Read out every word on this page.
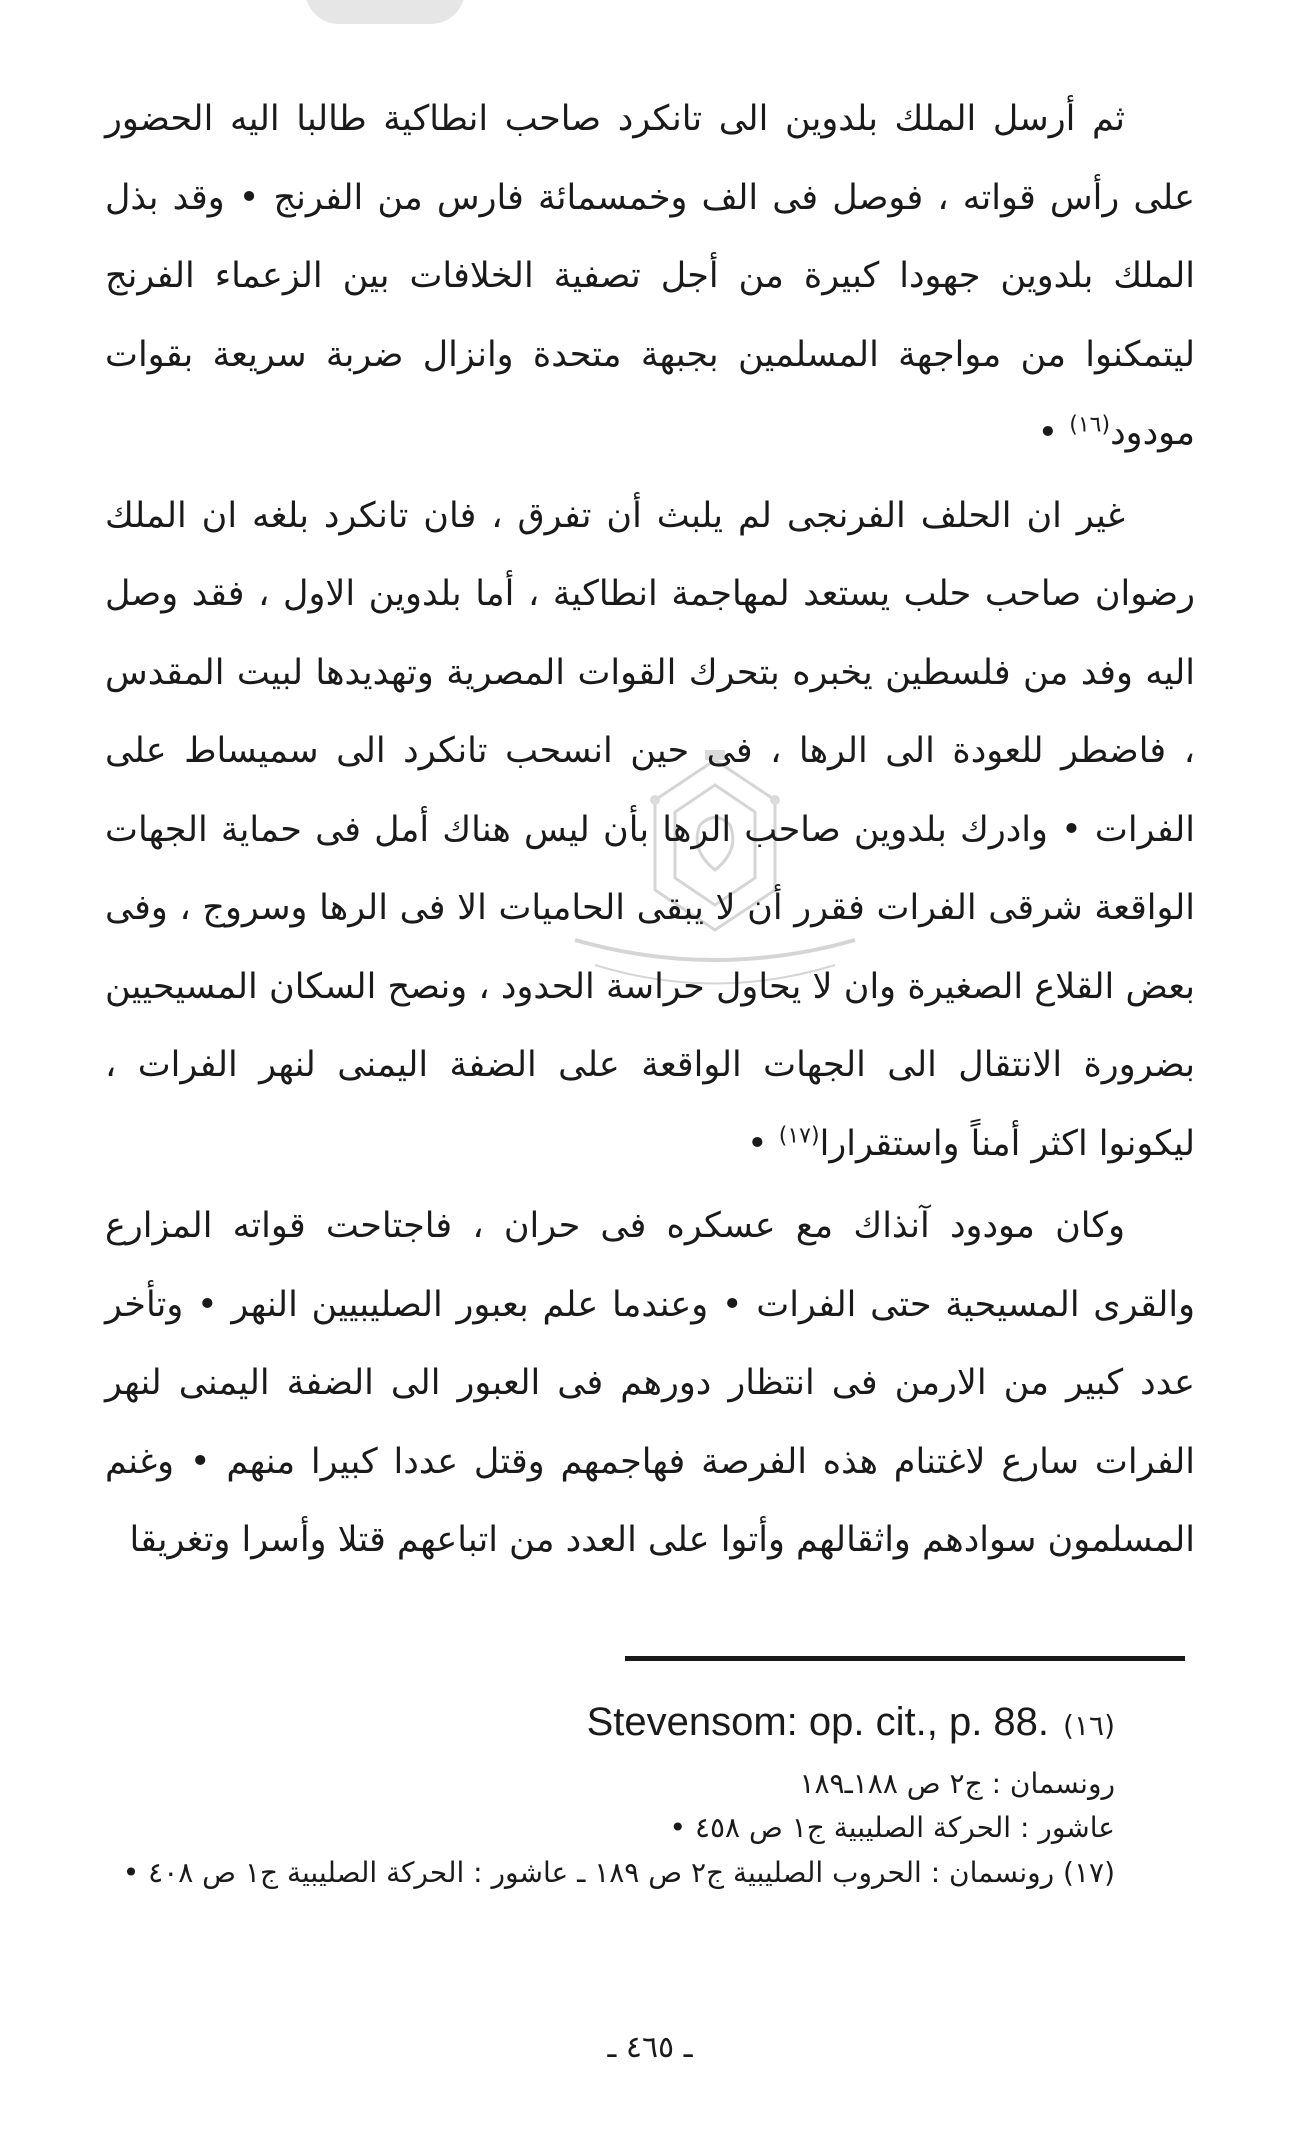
ثم أرسل الملك بلدوين الى تانكرد صاحب انطاكية طالبا اليه الحضور على رأس قواته ، فوصل فى الف وخمسمائة فارس من الفرنج • وقد بذل الملك بلدوين جهودا كبيرة من أجل تصفية الخلافات بين الزعماء الفرنج ليتمكنوا من مواجهة المسلمين بجبهة متحدة وانزال ضربة سريعة بقوات مودود$^{(١٦)}$ •

غير ان الحلف الفرنجى لم يلبث أن تفرق ، فان تانكرد بلغه ان الملك رضوان صاحب حلب يستعد لمهاجمة انطاكية ، أما بلدوين الاول ، فقد وصل اليه وفد من فلسطين يخبره بتحرك القوات المصرية وتهديدها لبيت المقدس ، فاضطر للعودة الى الرها ، فى حين انسحب تانكرد الى سميساط على الفرات • وادرك بلدوين صاحب الرها بأن ليس هناك أمل فى حماية الجهات الواقعة شرقى الفرات فقرر أن لا يبقى الحاميات الا فى الرها وسروج ، وفى بعض القلاع الصغيرة وان لا يحاول حراسة الحدود ، ونصح السكان المسيحيين بضرورة الانتقال الى الجهات الواقعة على الضفة اليمنى لنهر الفرات ، ليكونوا اكثر أمناً واستقرارا$^{(١٧)}$ •

وكان مودود آنذاك مع عسكره فى حران ، فاجتاحت قواته المزارع والقرى المسيحية حتى الفرات • وعندما علم بعبور الصليبيين النهر • وتأخر عدد كبير من الارمن فى انتظار دورهم فى العبور الى الضفة اليمنى لنهر الفرات سارع لاغتنام هذه الفرصة فهاجمهم وقتل عددا كبيرا منهم • وغنم المسلمون سوادهم واثقالهم وأتوا على العدد من اتباعهم قتلا وأسرا وتغريقا

(١٦)
Stevensom: op. cit., p. 88.
رونسمان : ج٢ ص ١٨٨ـ١٨٩
عاشور : الحركة الصليبية ج١ ص ٤٥٨ •
(١٧) رونسمان : الحروب الصليبية ج٢ ص ١٨٩ ـ عاشور : الحركة الصليبية ج١ ص ٤٠٨ •
ـ ٤٦٥ ـ
